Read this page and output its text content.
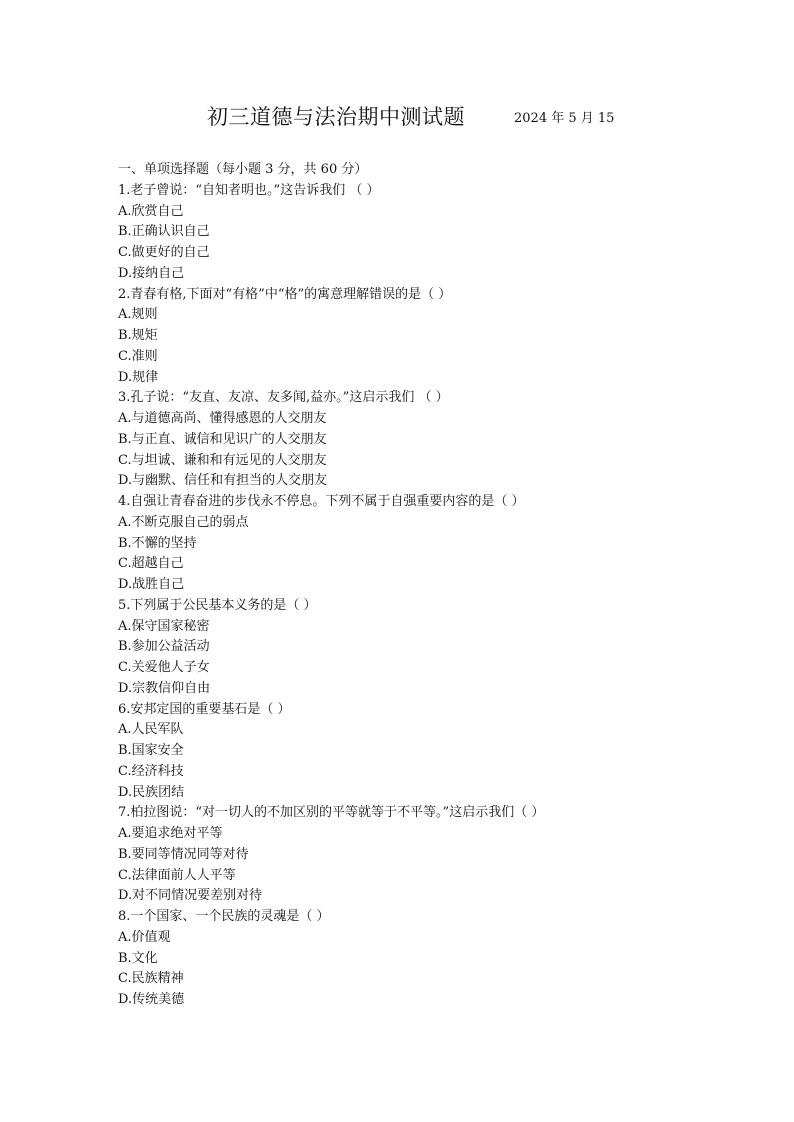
初三道德与法治期中测试题	2024 年 5 月 15
一、单项选择题（每小题 3 分，共 60 分）
1.老子曾说：“自知者明也。”这告诉我们 （ ）
A.欣赏自己
B.正确认识自己
C.做更好的自己
D.接纳自己
2.青春有格,下面对“有格”中“格”的寓意理解错误的是（ ）
A.规则
B.规矩
C.准则
D.规律
3.孔子说：“友直、友凉、友多闻,益亦。”这启示我们 （ ）
A.与道德高尚、懂得感恩的人交朋友
B.与正直、诚信和见识广的人交朋友
C.与坦诚、谦和和有远见的人交朋友
D.与幽默、信任和有担当的人交朋友
4.自强让青春奋进的步伐永不停息。下列不属于自强重要内容的是（ ）
A.不断克服自己的弱点
B.不懈的坚持
C.超越自己
D.战胜自己
5.下列属于公民基本义务的是（ ）
A.保守国家秘密
B.参加公益活动
C.关爱他人子女
D.宗教信仰自由
6.安邦定国的重要基石是（ ）
A.人民军队
B.国家安全
C.经济科技
D.民族团结
7.柏拉图说：“对一切人的不加区别的平等就等于不平等。”这启示我们（ ）
A.要追求绝对平等
B.要同等情况同等对待
C.法律面前人人平等
D.对不同情况要差别对待
8.一个国家、一个民族的灵魂是（ ）
A.价值观
B.文化
C.民族精神
D.传统美德
